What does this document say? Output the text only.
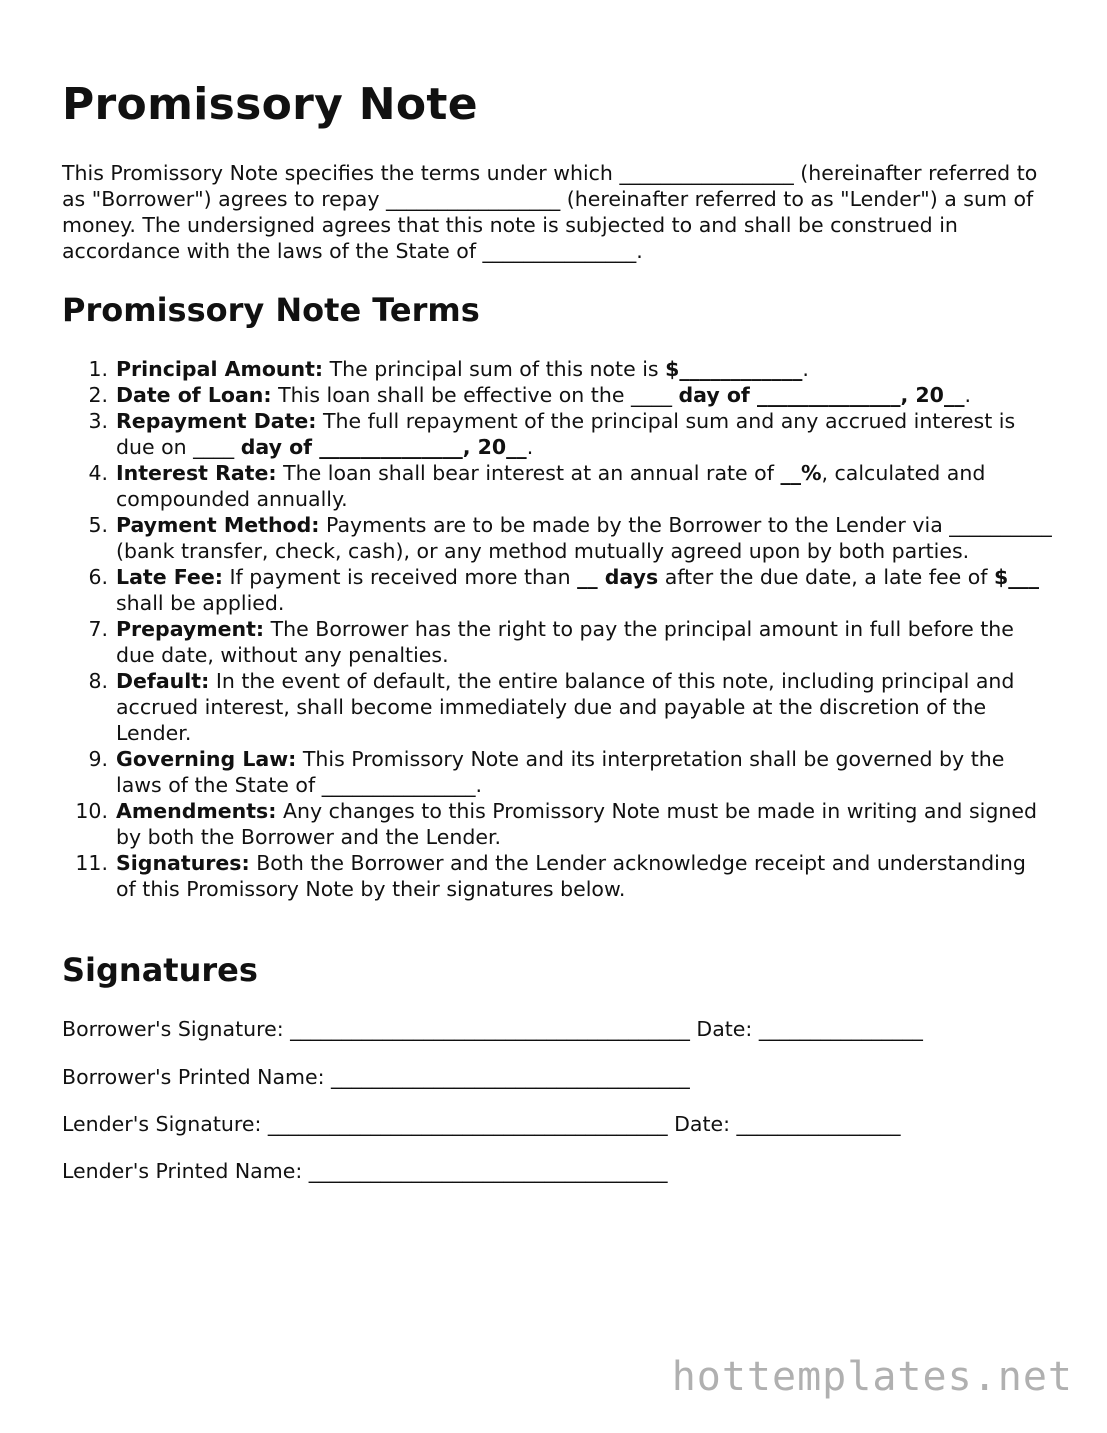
Promissory Note

This Promissory Note specifies the terms under which _________________ (hereinafter referred to as "Borrower") agrees to repay _________________ (hereinafter referred to as "Lender") a sum of money. The undersigned agrees that this note is subjected to and shall be construed in accordance with the laws of the State of _______________.

Promissory Note Terms
1. Principal Amount: The principal sum of this note is $____________.
2. Date of Loan: This loan shall be effective on the ____ day of ______________, 20__.
3. Repayment Date: The full repayment of the principal sum and any accrued interest is due on ____ day of ______________, 20__.
4. Interest Rate: The loan shall bear interest at an annual rate of __%, calculated and compounded annually.
5. Payment Method: Payments are to be made by the Borrower to the Lender via __________ (bank transfer, check, cash), or any method mutually agreed upon by both parties.
6. Late Fee: If payment is received more than __ days after the due date, a late fee of $___ shall be applied.
7. Prepayment: The Borrower has the right to pay the principal amount in full before the due date, without any penalties.
8. Default: In the event of default, the entire balance of this note, including principal and accrued interest, shall become immediately due and payable at the discretion of the Lender.
9. Governing Law: This Promissory Note and its interpretation shall be governed by the laws of the State of _______________.
10. Amendments: Any changes to this Promissory Note must be made in writing and signed by both the Borrower and the Lender.
11. Signatures: Both the Borrower and the Lender acknowledge receipt and understanding of this Promissory Note by their signatures below.
Signatures

Borrower's Signature: _______________________________________ Date: ________________

Borrower's Printed Name: ___________________________________

Lender's Signature: _______________________________________ Date: ________________

Lender's Printed Name: ___________________________________

hottemplates.net
